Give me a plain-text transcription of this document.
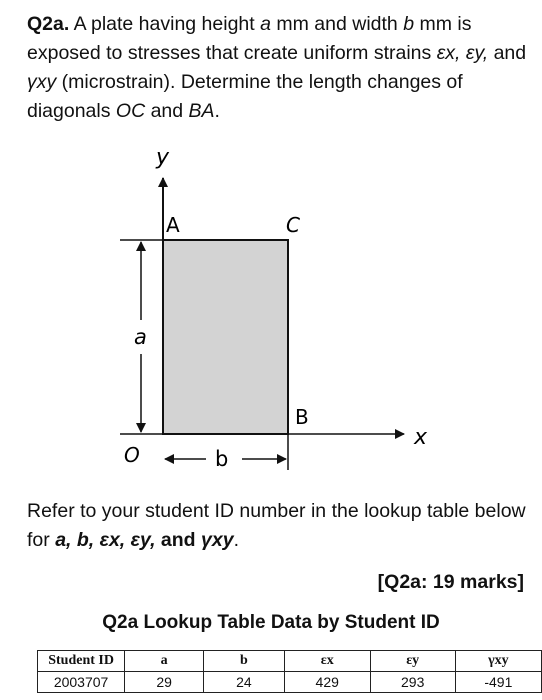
Q2a. A plate having height a mm and width b mm is exposed to stresses that create uniform strains εx, εy, and γxy (microstrain). Determine the length changes of diagonals OC and BA.
y
x
A	C
B
O
a
b
Refer to your student ID number in the lookup table below for a, b, εx, εy, and γxy.
[Q2a: 19 marks]
Q2a Lookup Table Data by Student ID
Student ID	a	b	εx	εy	γxy
2003707	29	24	429	293	-491
